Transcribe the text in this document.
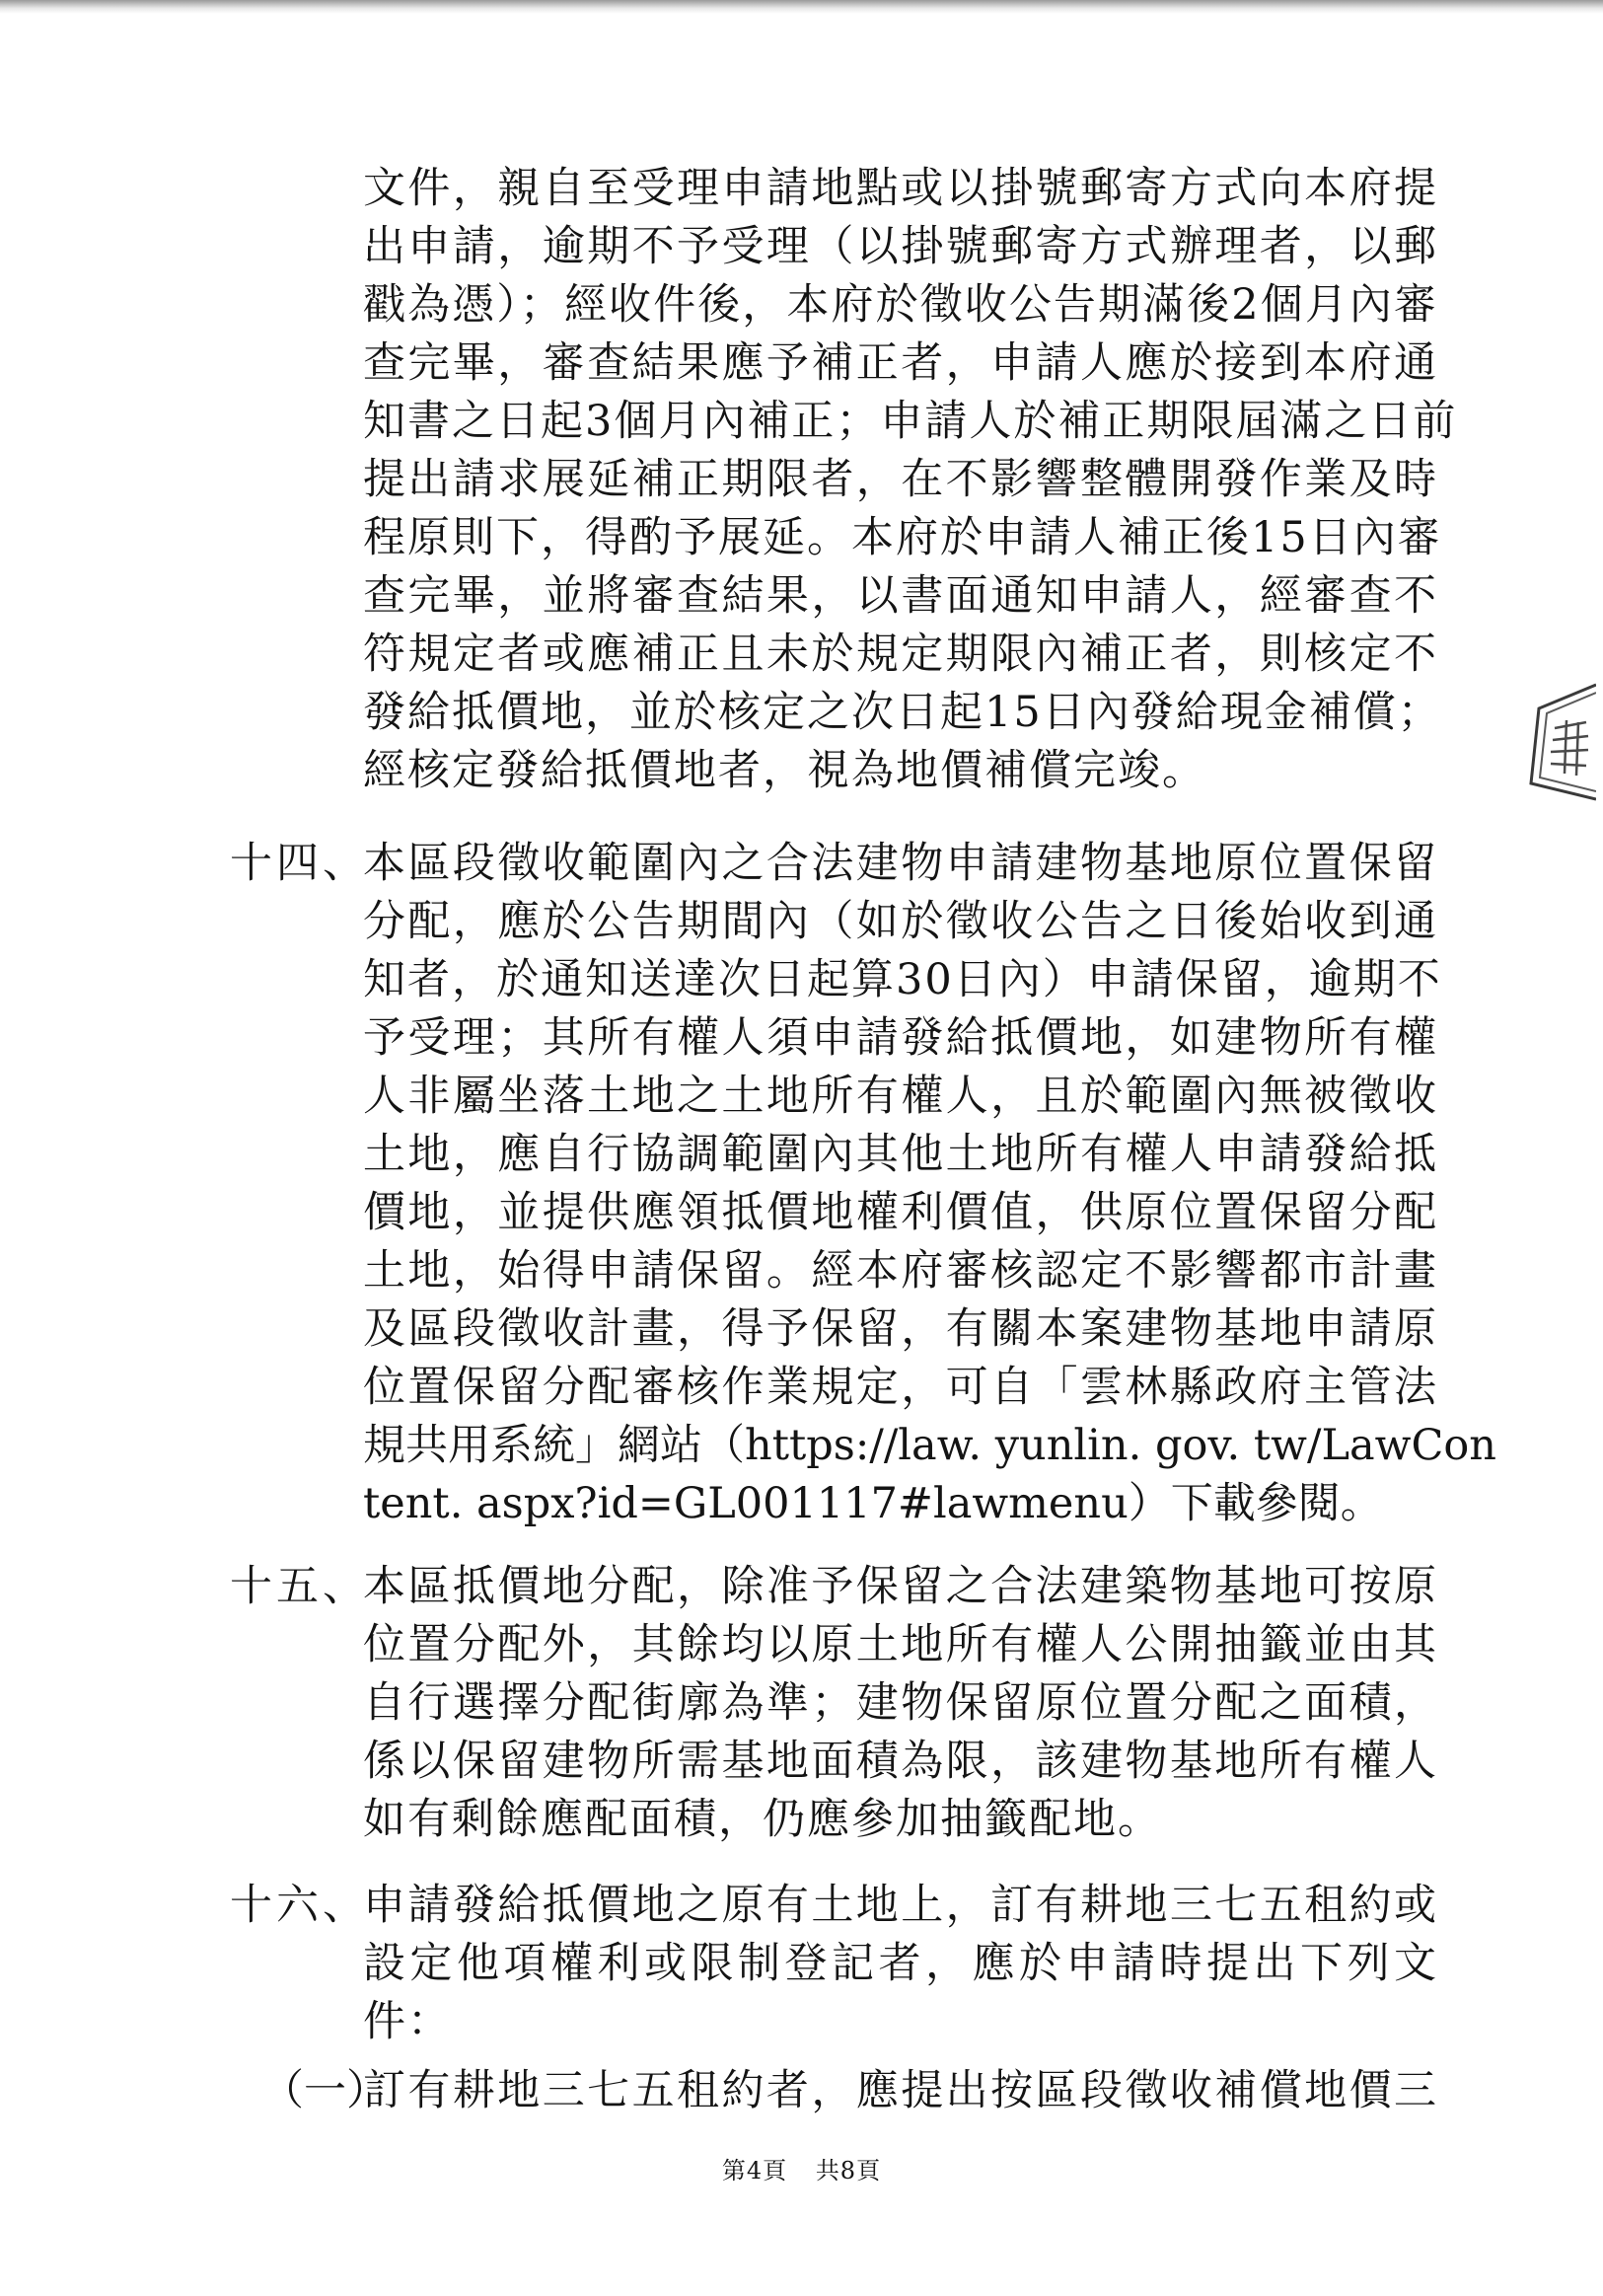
文件，親自至受理申請地點或以掛號郵寄方式向本府提
出申請，逾期不予受理（以掛號郵寄方式辦理者，以郵
戳為憑）；經收件後，本府於徵收公告期滿後2個月內審
查完畢，審查結果應予補正者，申請人應於接到本府通
知書之日起3個月內補正；申請人於補正期限屆滿之日前
提出請求展延補正期限者，在不影響整體開發作業及時
程原則下，得酌予展延。本府於申請人補正後15日內審
查完畢，並將審查結果，以書面通知申請人，經審查不
符規定者或應補正且未於規定期限內補正者，則核定不
發給抵價地，並於核定之次日起15日內發給現金補償；
經核定發給抵價地者，視為地價補償完竣。
十四、
本區段徵收範圍內之合法建物申請建物基地原位置保留
分配，應於公告期間內（如於徵收公告之日後始收到通
知者，於通知送達次日起算30日內）申請保留，逾期不
予受理；其所有權人須申請發給抵價地，如建物所有權
人非屬坐落土地之土地所有權人，且於範圍內無被徵收
土地，應自行協調範圍內其他土地所有權人申請發給抵
價地，並提供應領抵價地權利價值，供原位置保留分配
土地，始得申請保留。經本府審核認定不影響都市計畫
及區段徵收計畫，得予保留，有關本案建物基地申請原
位置保留分配審核作業規定，可自「雲林縣政府主管法
規共用系統」網站（https://law. yunlin. gov. tw/LawCon
tent. aspx?id=GL001117#lawmenu）下載參閱。
十五、
本區抵價地分配，除准予保留之合法建築物基地可按原
位置分配外，其餘均以原土地所有權人公開抽籤並由其
自行選擇分配街廓為準；建物保留原位置分配之面積，
係以保留建物所需基地面積為限，該建物基地所有權人
如有剩餘應配面積，仍應參加抽籤配地。
十六、
申請發給抵價地之原有土地上，訂有耕地三七五租約或
設定他項權利或限制登記者，應於申請時提出下列文
件：
（一）
訂有耕地三七五租約者，應提出按區段徵收補償地價三
第4頁 共8頁
